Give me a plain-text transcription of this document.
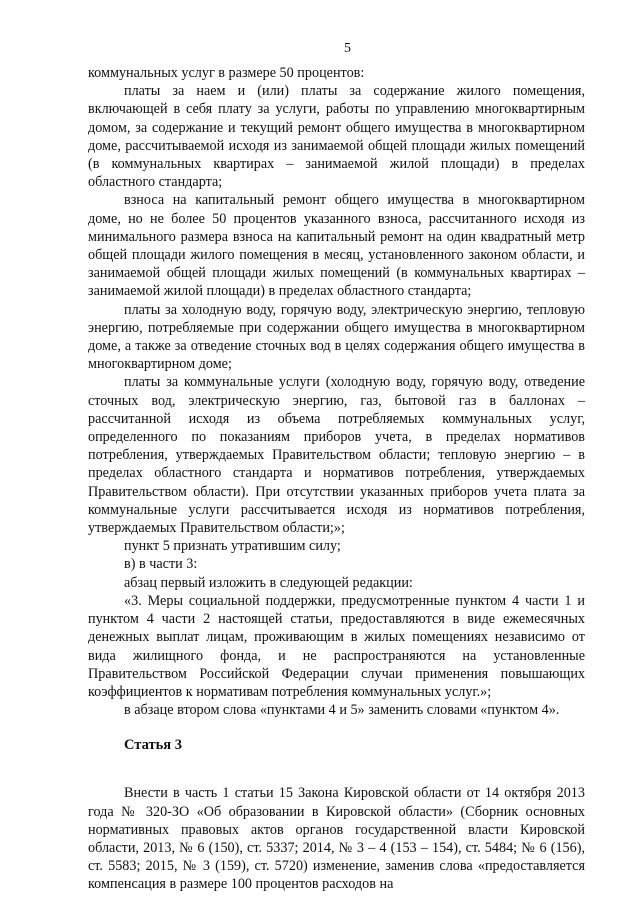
5

коммунальных услуг в размере 50 процентов:

платы за наем и (или) платы за содержание жилого помещения, включающей в себя плату за услуги, работы по управлению многоквартирным домом, за содержание и текущий ремонт общего имущества в многоквартирном доме, рассчитываемой исходя из занимаемой общей площади жилых помещений (в коммунальных квартирах – занимаемой жилой площади) в пределах областного стандарта;

взноса на капитальный ремонт общего имущества в многоквартирном доме, но не более 50 процентов указанного взноса, рассчитанного исходя из минимального размера взноса на капитальный ремонт на один квадратный метр общей площади жилого помещения в месяц, установленного законом области, и занимаемой общей площади жилых помещений (в коммунальных квартирах – занимаемой жилой площади) в пределах областного стандарта;

платы за холодную воду, горячую воду, электрическую энергию, тепловую энергию, потребляемые при содержании общего имущества в многоквартирном доме, а также за отведение сточных вод в целях содержания общего имущества в многоквартирном доме;

платы за коммунальные услуги (холодную воду, горячую воду, отведение сточных вод, электрическую энергию, газ, бытовой газ в баллонах – рассчитанной исходя из объема потребляемых коммунальных услуг, определенного по показаниям приборов учета, в пределах нормативов потребления, утверждаемых Правительством области; тепловую энергию – в пределах областного стандарта и нормативов потребления, утверждаемых Правительством области). При отсутствии указанных приборов учета плата за коммунальные услуги рассчитывается исходя из нормативов потребления, утверждаемых Правительством области;»;

пункт 5 признать утратившим силу;

в) в части 3:

абзац первый изложить в следующей редакции:

«3. Меры социальной поддержки, предусмотренные пунктом 4 части 1 и пунктом 4 части 2 настоящей статьи, предоставляются в виде ежемесячных денежных выплат лицам, проживающим в жилых помещениях независимо от вида жилищного фонда, и не распространяются на установленные Правительством Российской Федерации случаи применения повышающих коэффициентов к нормативам потребления коммунальных услуг.»;

в абзаце втором слова «пунктами 4 и 5» заменить словами «пунктом 4».

Статья 3

Внести в часть 1 статьи 15 Закона Кировской области от 14 октября 2013 года № 320-ЗО «Об образовании в Кировской области» (Сборник основных нормативных правовых актов органов государственной власти Кировской области, 2013, № 6 (150), ст. 5337; 2014, № 3 – 4 (153 – 154), ст. 5484; № 6 (156), ст. 5583; 2015, № 3 (159), ст. 5720) изменение, заменив слова «предоставляется компенсация в размере 100 процентов расходов на
